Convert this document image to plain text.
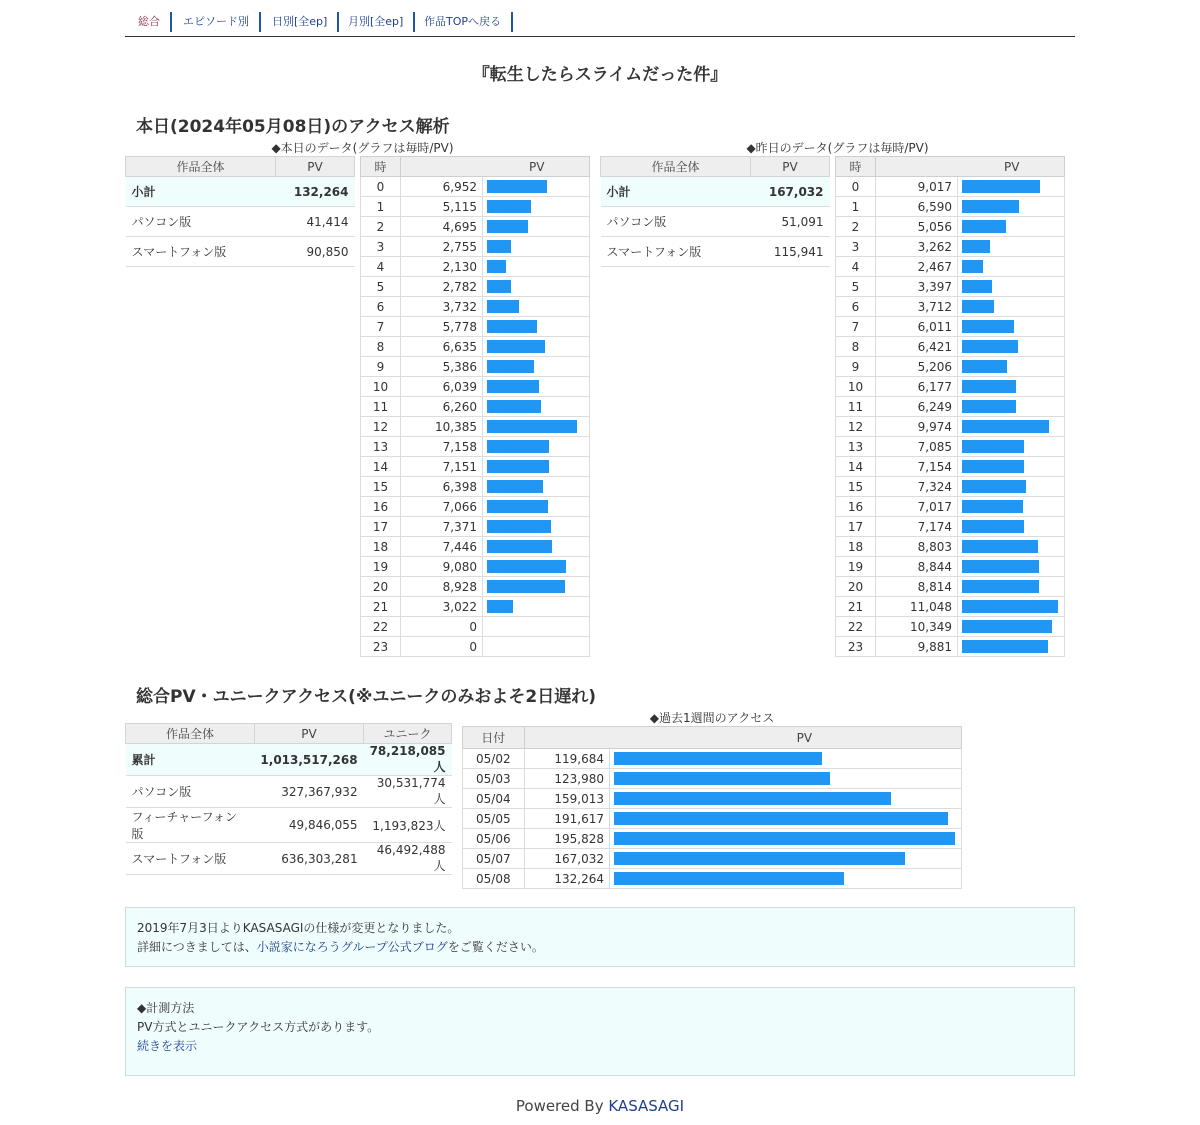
総合	エピソード別	日別[全ep]	月別[全ep]	作品TOPへ戻る
『転生したらスライムだった件』
本日(2024年05月08日)のアクセス解析
◆本日のデータ(グラフは毎時/PV)
作品全体	PV
小計	132,264
パソコン版	41,414
スマートフォン版	90,850
時	PV	
0	6,952	

1	5,115	

2	4,695	

3	2,755	

4	2,130	

5	2,782	

6	3,732	

7	5,778	

8	6,635	

9	5,386	

10	6,039	

11	6,260	

12	10,385	

13	7,158	

14	7,151	

15	6,398	

16	7,066	

17	7,371	

18	7,446	

19	9,080	

20	8,928	

21	3,022	

22	0	
23	0	
◆昨日のデータ(グラフは毎時/PV)
作品全体	PV
小計	167,032
パソコン版	51,091
スマートフォン版	115,941
時	PV	
0	9,017	

1	6,590	

2	5,056	

3	3,262	

4	2,467	

5	3,397	

6	3,712	

7	6,011	

8	6,421	

9	5,206	

10	6,177	

11	6,249	

12	9,974	

13	7,085	

14	7,154	

15	7,324	

16	7,017	

17	7,174	

18	8,803	

19	8,844	

20	8,814	

21	11,048	

22	10,349	

23	9,881	
総合PV・ユニークアクセス(※ユニークのみおよそ2日遅れ)
作品全体	PV	ユニーク
累計	1,013,517,268	78,218,085人
パソコン版	327,367,932	30,531,774人
フィーチャーフォン版	49,846,055	1,193,823人
スマートフォン版	636,303,281	46,492,488人
◆過去1週間のアクセス
日付	PV	
05/02	119,684	

05/03	123,980	

05/04	159,013	

05/05	191,617	

05/06	195,828	

05/07	167,032	

05/08	132,264	
2019年7月3日よりKASASAGIの仕様が変更となりました。
詳細につきましては、小説家になろうグループ公式ブログをご覧ください。
◆計測方法
PV方式とユニークアクセス方式があります。
続きを表示
Powered By KASASAGI
